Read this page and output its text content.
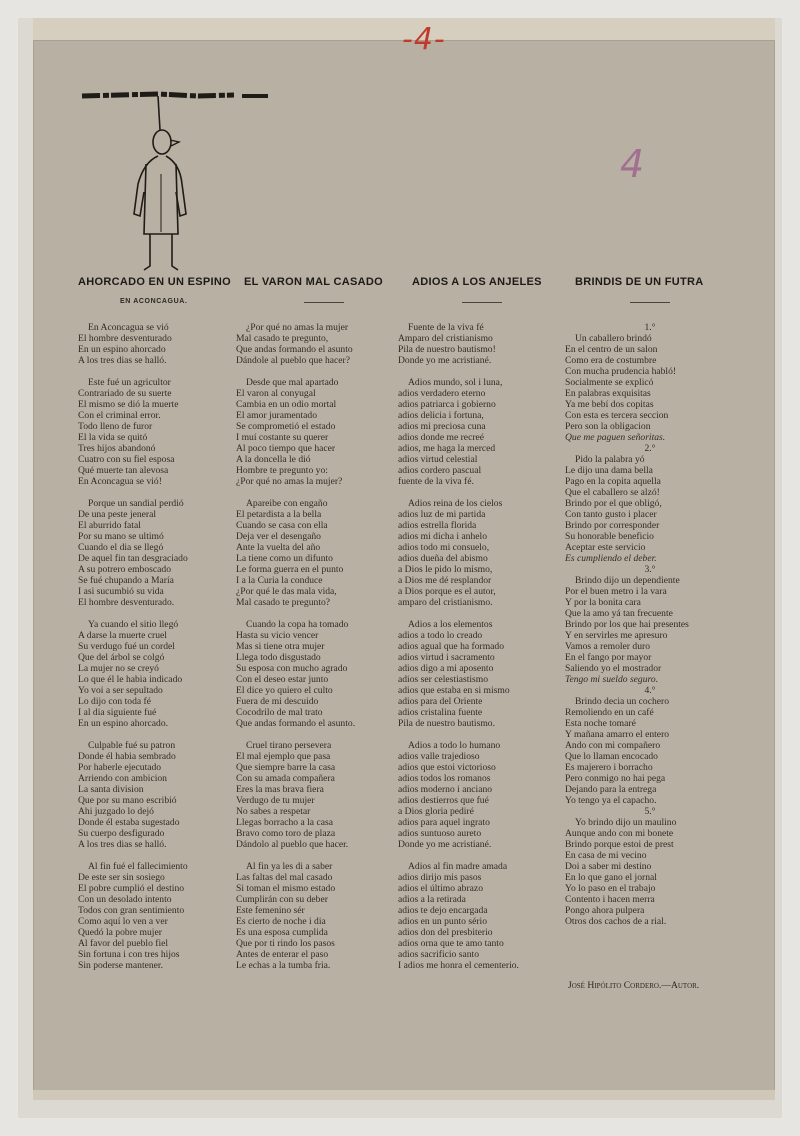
-4-
4
AHORCADO EN UN ESPINO
EN ACONCAGUA.
EL VARON MAL CASADO	ADIOS A LOS ANJELES	BRINDIS DE UN FUTRA

En Aconcagua se vió

El hombre desventurado

En un espino ahorcado

A los tres dias se halló.

Este fué un agricultor

Contrariado de su suerte

El mismo se dió la muerte

Con el criminal error.

Todo lleno de furor

El la vida se quitó

Tres hijos abandonó

Cuatro con su fiel esposa

Qué muerte tan alevosa

En Aconcagua se vió!

Porque un sandial perdió

De una peste jeneral

El aburrido fatal

Por su mano se ultimó

Cuando el dia se llegó

De aquel fin tan desgraciado

A su potrero emboscado

Se fué chupando a María

I asi sucumbió su vida

El hombre desventurado.

Ya cuando el sitio llegó

A darse la muerte cruel

Su verdugo fué un cordel

Que del árbol se colgó

La mujer no se creyó

Lo que él le habia indicado

Yo voi a ser sepultado

Lo dijo con toda fé

I al dia siguiente fué

En un espino ahorcado.

Culpable fué su patron

Donde él habia sembrado

Por haberle ejecutado

Arriendo con ambicion

La santa division

Que por su mano escribió

Ahi juzgado lo dejó

Donde él estaba sugestado

Su cuerpo desfigurado

A los tres dias se halló.

Al fin fué el fallecimiento

De este ser sin sosiego

El pobre cumplió el destino

Con un desolado intento

Todos con gran sentimiento

Como aquí lo ven a ver

Quedó la pobre mujer

Al favor del pueblo fiel

Sin fortuna i con tres hijos

Sin poderse mantener.

¿Por qué no amas la mujer

Mal casado te pregunto,

Que andas formando el asunto

Dándole al pueblo que hacer?

Desde que mal apartado

El varon al conyugal

Cambia en un odio mortal

El amor juramentado

Se comprometió el estado

I muí costante su querer

Al poco tiempo que hacer

A la doncella le dió

Hombre te pregunto yo:

¿Por qué no amas la mujer?

Apareibe con engaño

El petardista a la bella

Cuando se casa con ella

Deja ver el desengaño

Ante la vuelta del año

La tiene como un difunto

Le forma guerra en el punto

I a la Curia la conduce

¿Por qué le das mala vida,

Mal casado te pregunto?

Cuando la copa ha tomado

Hasta su vicio vencer

Mas si tiene otra mujer

Llega todo disgustado

Su esposa con mucho agrado

Con el deseo estar junto

El dice yo quiero el culto

Fuera de mi descuido

Cocodrilo de mal trato

Que andas formando el asunto.

Cruel tirano persevera

El mal ejemplo que pasa

Que siempre barre la casa

Con su amada compañera

Eres la mas brava fiera

Verdugo de tu mujer

No sabes a respetar

Llegas borracho a la casa

Bravo como toro de plaza

Dándolo al pueblo que hacer.

Al fin ya les di a saber

Las faltas del mal casado

Si toman el mismo estado

Cumplirán con su deber

Este femenino sér

Es cierto de noche i dia

Es una esposa cumplida

Que por ti rindo los pasos

Antes de enterar el paso

Le echas a la tumba fria.

Fuente de la viva fé

Amparo del cristianismo

Pila de nuestro bautismo!

Donde yo me acristiané.

Adios mundo, sol i luna,

adios verdadero eterno

adios patriarca i gobierno

adios delicia i fortuna,

adios mi preciosa cuna

adios donde me recreé

adios, me haga la merced

adios virtud celestial

adios cordero pascual

fuente de la viva fé.

Adios reina de los cielos

adios luz de mi partida

adios estrella florida

adios mi dicha i anhelo

adios todo mi consuelo,

adios dueña del abismo

a Dios le pido lo mismo,

a Dios me dé resplandor

a Dios porque es el autor,

amparo del cristianismo.

Adios a los elementos

adios a todo lo creado

adios agual que ha formado

adios virtud i sacramento

adios digo a mi aposento

adios ser celestiastismo

adios que estaba en si mismo

adios para del Oriente

adios cristalina fuente

Pila de nuestro bautismo.

Adios a todo lo humano

adios valle trajedioso

adios que estoi victorioso

adios todos los romanos

adios moderno i anciano

adios destierros que fué

a Dios gloria pediré

adios para aquel ingrato

adios suntuoso aureto

Donde yo me acristiané.

Adios al fin madre amada

adios dirijo mis pasos

adios el último abrazo

adios a la retirada

adios te dejo encargada

adios en un punto sério

adios don del presbiterio

adios orna que te amo tanto

adios sacrificio santo

I adios me honra el cementerio.

1.°

Un caballero brindó

En el centro de un salon

Como era de costumbre

Con mucha prudencia habló!

Socialmente se explicó

En palabras exquisitas

Ya me bebí dos copitas

Con esta es tercera seccion

Pero son la obligacion

Que me paguen señoritas.

2.°

Pido la palabra yó

Le dijo una dama bella

Pago en la copita aquella

Que el caballero se alzó!

Brindo por el que obligó,

Con tanto gusto i placer

Brindo por corresponder

Su honorable beneficio

Aceptar este servicio

Es cumpliendo el deber.

3.°

Brindo dijo un dependiente

Por el buen metro i la vara

Y por la bonita cara

Que la amo yá tan frecuente

Brindo por los que hai presentes

Y en servirles me apresuro

Vamos a remoler duro

En el fango por mayor

Saliendo yo el mostrador

Tengo mi sueldo seguro.

4.°

Brindo decia un cochero

Remoliendo en un café

Esta noche tomaré

Y mañana amarro el entero

Ando con mi compañero

Que lo llaman encocado

Es majerero i borracho

Pero conmigo no hai pega

Dejando para la entrega

Yo tengo ya el capacho.

5.°

Yo brindo dijo un maulino

Aunque ando con mi bonete

Brindo porque estoi de prest

En casa de mi vecino

Doi a saber mi destino

En lo que gano el jornal

Yo lo paso en el trabajo

Contento i hacen merra

Pongo ahora pulpera

Otros dos cachos de a rial.

José Hipólito Cordero.—Autor.
